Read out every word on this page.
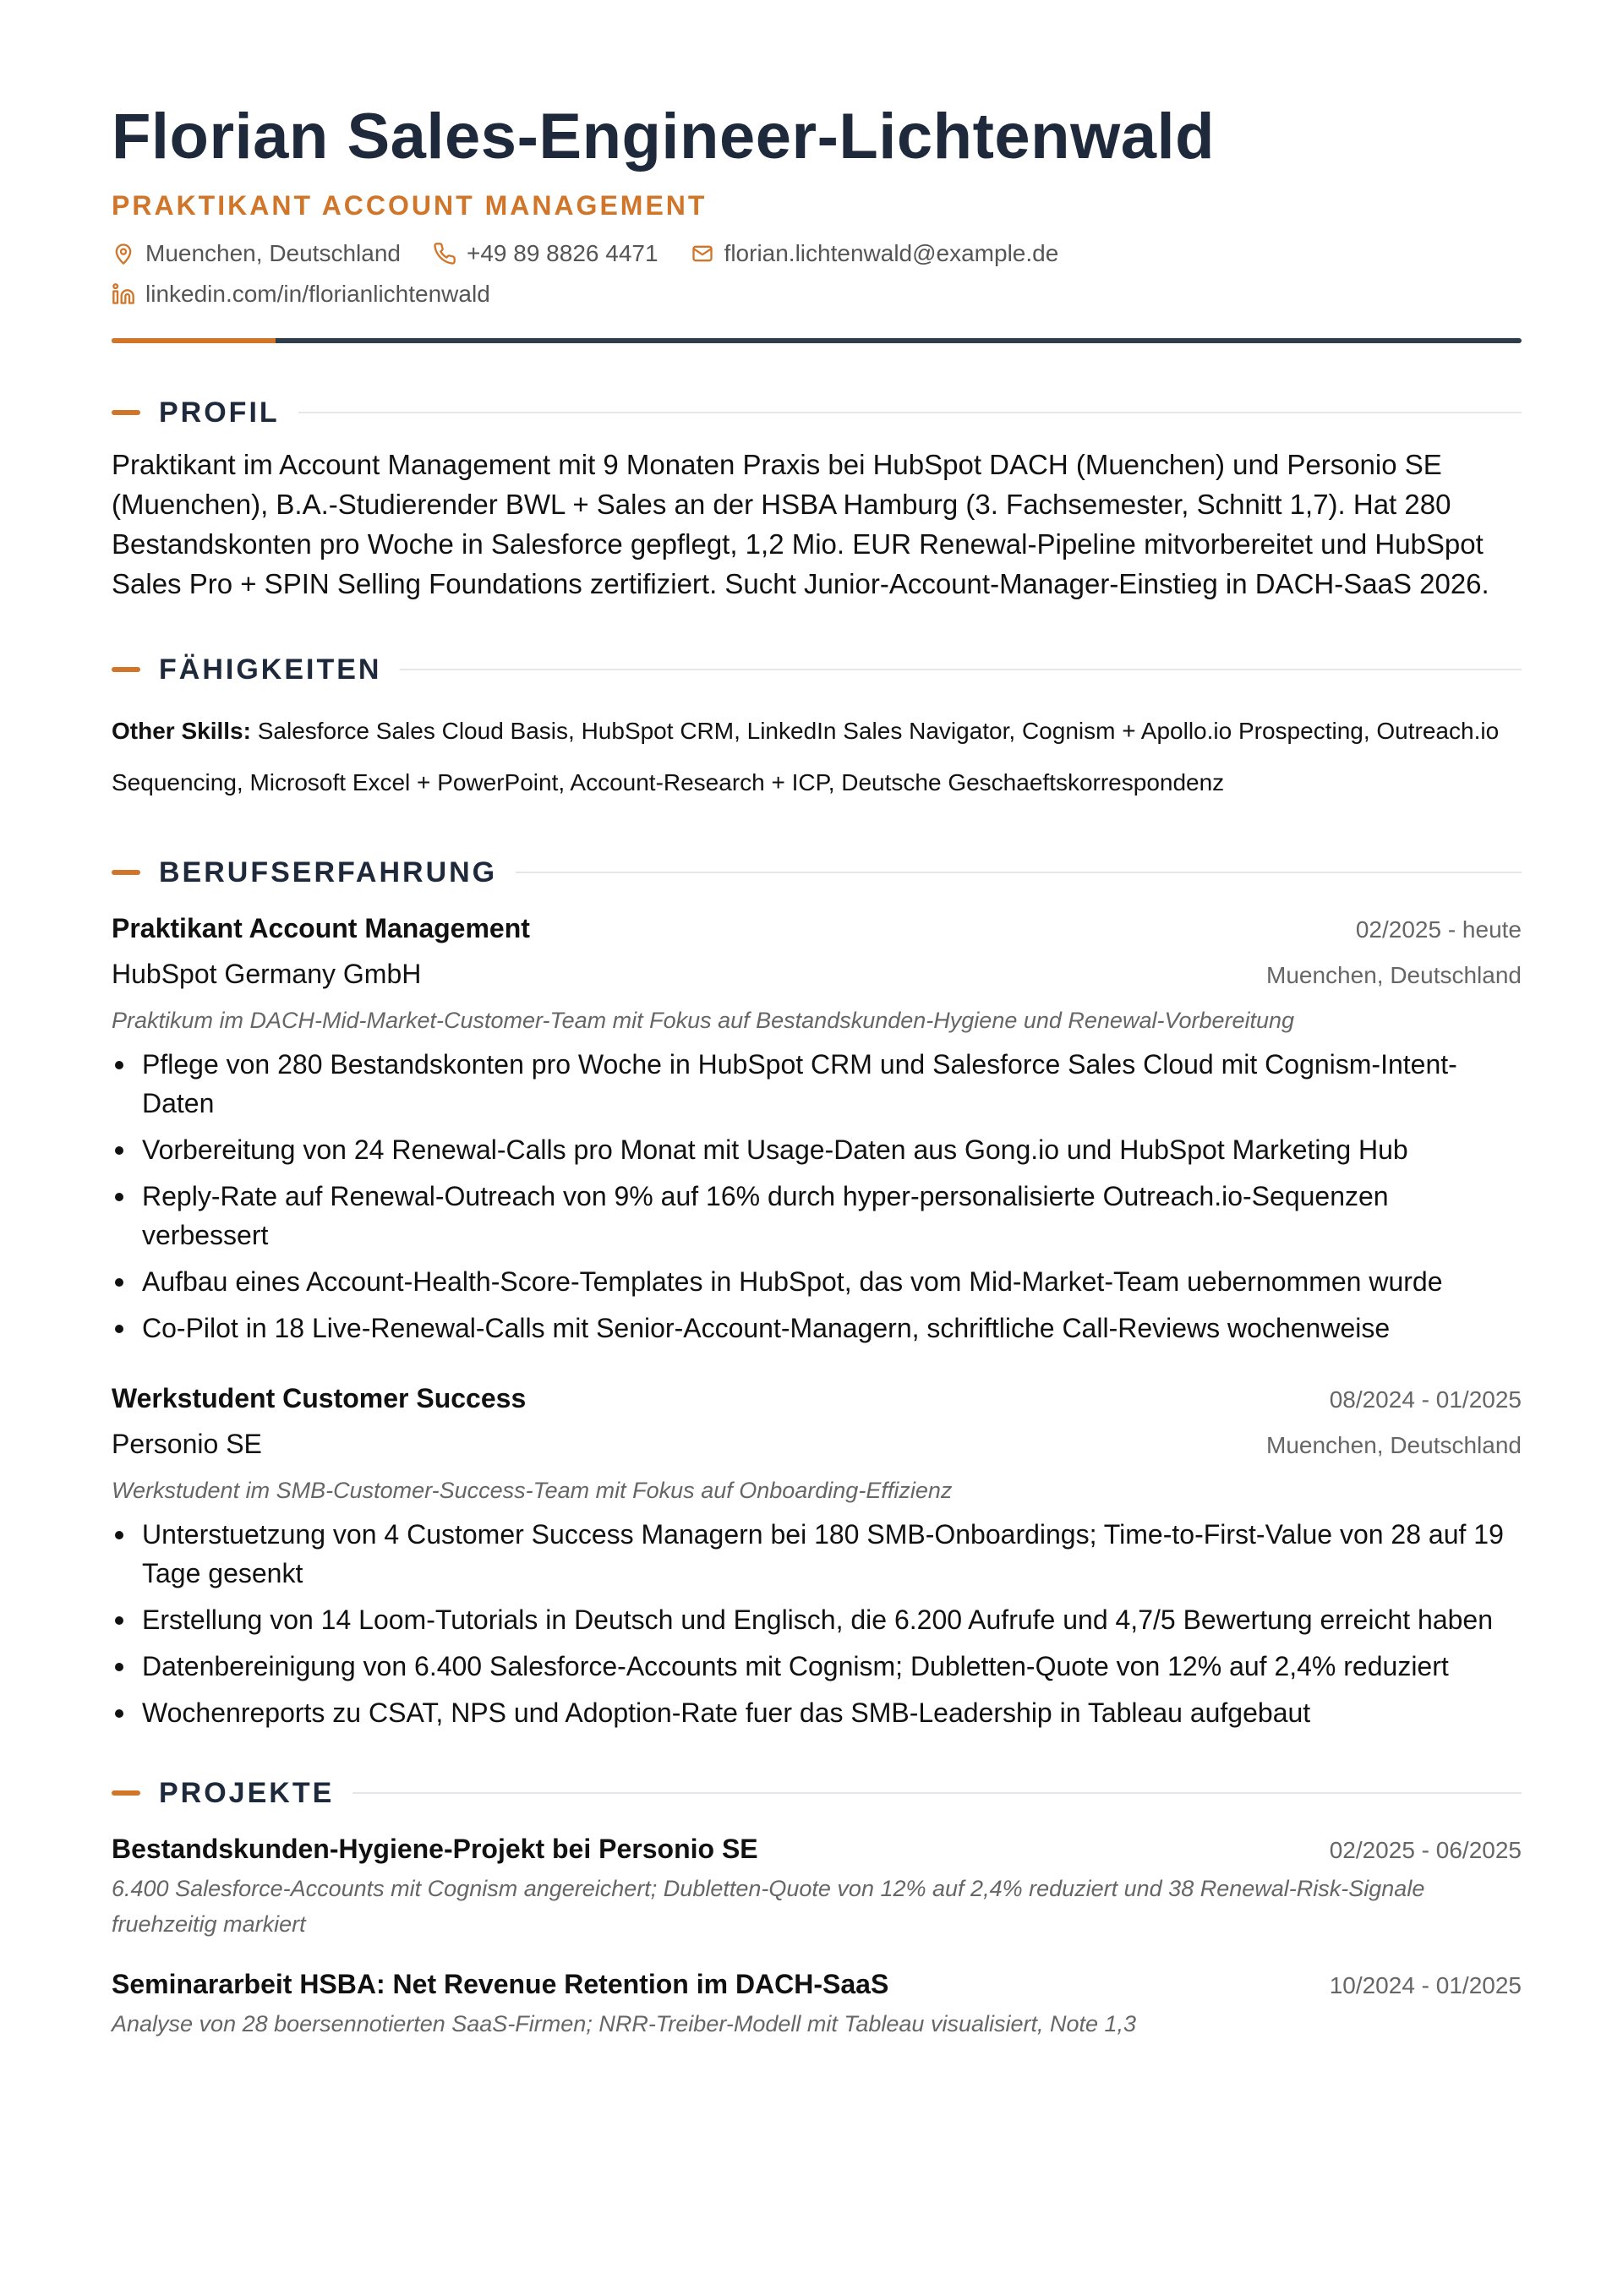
Florian Sales-Engineer-Lichtenwald
PRAKTIKANT ACCOUNT MANAGEMENT
Muenchen, Deutschland	+49 89 8826 4471	florian.lichtenwald@example.de
linkedin.com/in/florianlichtenwald
PROFIL

Praktikant im Account Management mit 9 Monaten Praxis bei HubSpot DACH (Muenchen) und Personio SE (Muenchen), B.A.-Studierender BWL + Sales an der HSBA Hamburg (3. Fachsemester, Schnitt 1,7). Hat 280 Bestandskonten pro Woche in Salesforce gepflegt, 1,2 Mio. EUR Renewal-Pipeline mitvorbereitet und HubSpot Sales Pro + SPIN Selling Foundations zertifiziert. Sucht Junior-Account-Manager-Einstieg in DACH-SaaS 2026.

FÄHIGKEITEN

Other Skills: Salesforce Sales Cloud Basis, HubSpot CRM, LinkedIn Sales Navigator, Cognism + Apollo.io Prospecting, Outreach.io Sequencing, Microsoft Excel + PowerPoint, Account-Research + ICP, Deutsche Geschaeftskorrespondenz

BERUFSERFAHRUNG
Praktikant Account Management	02/2025 - heute
HubSpot Germany GmbH	Muenchen, Deutschland
Praktikum im DACH-Mid-Market-Customer-Team mit Fokus auf Bestandskunden-Hygiene und Renewal-Vorbereitung
Pflege von 280 Bestandskonten pro Woche in HubSpot CRM und Salesforce Sales Cloud mit Cognism-Intent-Daten
Vorbereitung von 24 Renewal-Calls pro Monat mit Usage-Daten aus Gong.io und HubSpot Marketing Hub
Reply-Rate auf Renewal-Outreach von 9% auf 16% durch hyper-personalisierte Outreach.io-Sequenzen verbessert
Aufbau eines Account-Health-Score-Templates in HubSpot, das vom Mid-Market-Team uebernommen wurde
Co-Pilot in 18 Live-Renewal-Calls mit Senior-Account-Managern, schriftliche Call-Reviews wochenweise
Werkstudent Customer Success	08/2024 - 01/2025
Personio SE	Muenchen, Deutschland
Werkstudent im SMB-Customer-Success-Team mit Fokus auf Onboarding-Effizienz
Unterstuetzung von 4 Customer Success Managern bei 180 SMB-Onboardings; Time-to-First-Value von 28 auf 19 Tage gesenkt
Erstellung von 14 Loom-Tutorials in Deutsch und Englisch, die 6.200 Aufrufe und 4,7/5 Bewertung erreicht haben
Datenbereinigung von 6.400 Salesforce-Accounts mit Cognism; Dubletten-Quote von 12% auf 2,4% reduziert
Wochenreports zu CSAT, NPS und Adoption-Rate fuer das SMB-Leadership in Tableau aufgebaut
PROJEKTE
Bestandskunden-Hygiene-Projekt bei Personio SE	02/2025 - 06/2025
6.400 Salesforce-Accounts mit Cognism angereichert; Dubletten-Quote von 12% auf 2,4% reduziert und 38 Renewal-Risk-Signale fruehzeitig markiert
Seminararbeit HSBA: Net Revenue Retention im DACH-SaaS	10/2024 - 01/2025
Analyse von 28 boersennotierten SaaS-Firmen; NRR-Treiber-Modell mit Tableau visualisiert, Note 1,3
